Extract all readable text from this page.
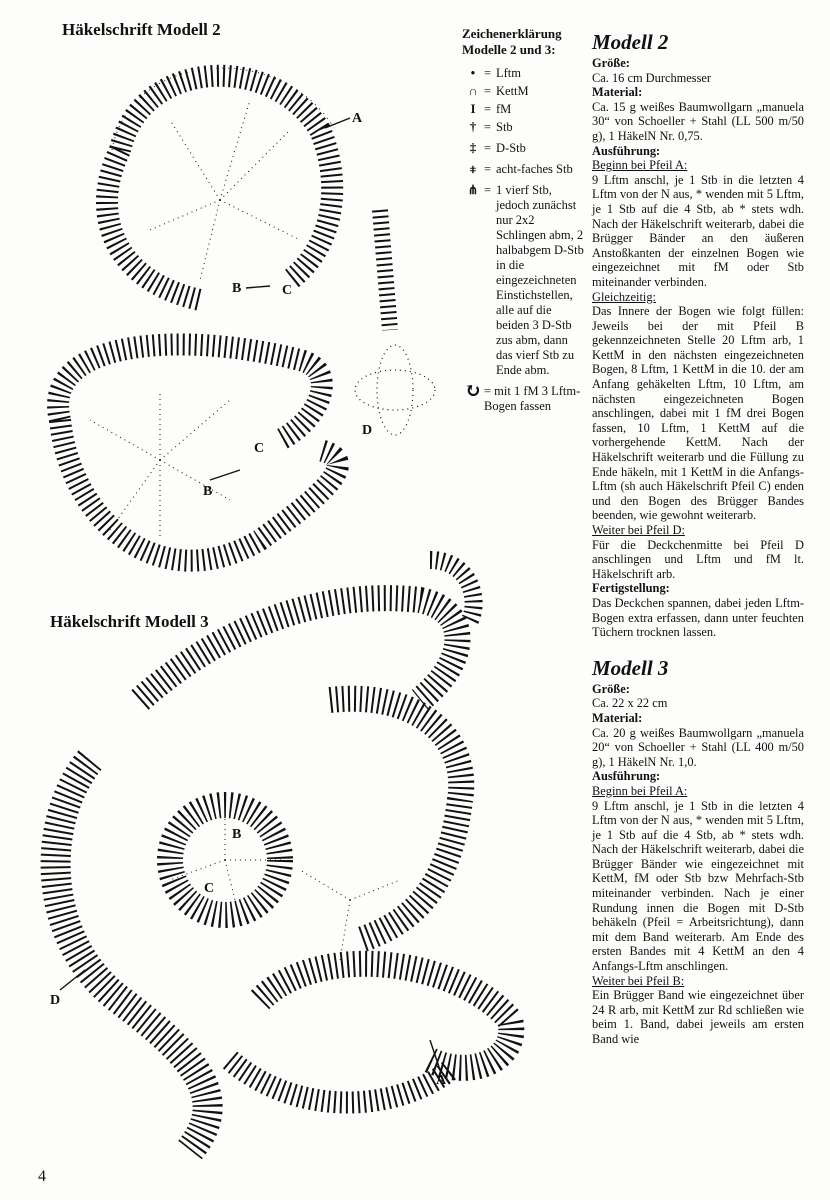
Häkelschrift Modell 2
Häkelschrift Modell 3
A
B	C
D
B
C
D
A
B
C
Zeichenerklärung
Modelle 2 und 3:
• = Lftm
∩ = KettM
I = fM
† = Stb
‡ = D-Stb
⧧ = acht-faches Stb
⋔ = 1 vierf Stb, jedoch zunächst nur 2x2 Schlingen abm, 2 halbabgem D-Stb in die eingezeichneten Einstichstellen, alle auf die beiden 3 D-Stb zus abm, dann das vierf Stb zu Ende abm.
↻ = mit 1 fM 3 Lftm-Bogen fassen
Modell 2

Größe:

Ca. 16 cm Durchmesser

Material:

Ca. 15 g weißes Baumwollgarn „manuela 30“ von Schoeller + Stahl (LL 500 m/50 g), 1 HäkelN Nr. 0,75.

Ausführung:

Beginn bei Pfeil A:

9 Lftm anschl, je 1 Stb in die letzten 4 Lftm von der N aus, * wenden mit 5 Lftm, je 1 Stb auf die 4 Stb, ab * stets wdh. Nach der Häkelschrift weiterarb, dabei die Brügger Bänder an den äußeren Anstoßkanten der einzelnen Bogen wie eingezeichnet mit fM oder Stb miteinander verbinden.

Gleichzeitig:

Das Innere der Bogen wie folgt füllen: Jeweils bei der mit Pfeil B gekennzeichneten Stelle 20 Lftm arb, 1 KettM in den nächsten eingezeichneten Bogen, 8 Lftm, 1 KettM in die 10. der am Anfang gehäkelten Lftm, 10 Lftm, am nächsten eingezeichneten Bogen anschlingen, dabei mit 1 fM drei Bogen fassen, 10 Lftm, 1 KettM auf die vorhergehende KettM. Nach der Häkelschrift weiterarb und die Füllung zu Ende häkeln, mit 1 KettM in die Anfangs-Lftm (sh auch Häkelschrift Pfeil C) enden und den Bogen des Brügger Bandes beenden, wie gewohnt weiterarb.

Weiter bei Pfeil D:

Für die Deckchenmitte bei Pfeil D anschlingen und Lftm und fM lt. Häkelschrift arb.

Fertigstellung:

Das Deckchen spannen, dabei jeden Lftm-Bogen extra erfassen, dann unter feuchten Tüchern trocknen lassen.

Modell 3

Größe:

Ca. 22 x 22 cm

Material:

Ca. 20 g weißes Baumwollgarn „manuela 20“ von Schoeller + Stahl (LL 400 m/50 g), 1 HäkelN Nr. 1,0.

Ausführung:

Beginn bei Pfeil A:

9 Lftm anschl, je 1 Stb in die letzten 4 Lftm von der N aus, * wenden mit 5 Lftm, je 1 Stb auf die 4 Stb, ab * stets wdh. Nach der Häkelschrift weiterarb, dabei die Brügger Bänder wie eingezeichnet mit KettM, fM oder Stb bzw Mehrfach-Stb miteinander verbinden. Nach je einer Rundung innen die Bogen mit D-Stb behäkeln (Pfeil = Arbeitsrichtung), dann mit dem Band weiterarb. Am Ende des ersten Bandes mit 4 KettM an den 4 Anfangs-Lftm anschlingen.

Weiter bei Pfeil B:

Ein Brügger Band wie eingezeichnet über 24 R arb, mit KettM zur Rd schließen wie beim 1. Band, dabei jeweils am ersten Band wie

4
